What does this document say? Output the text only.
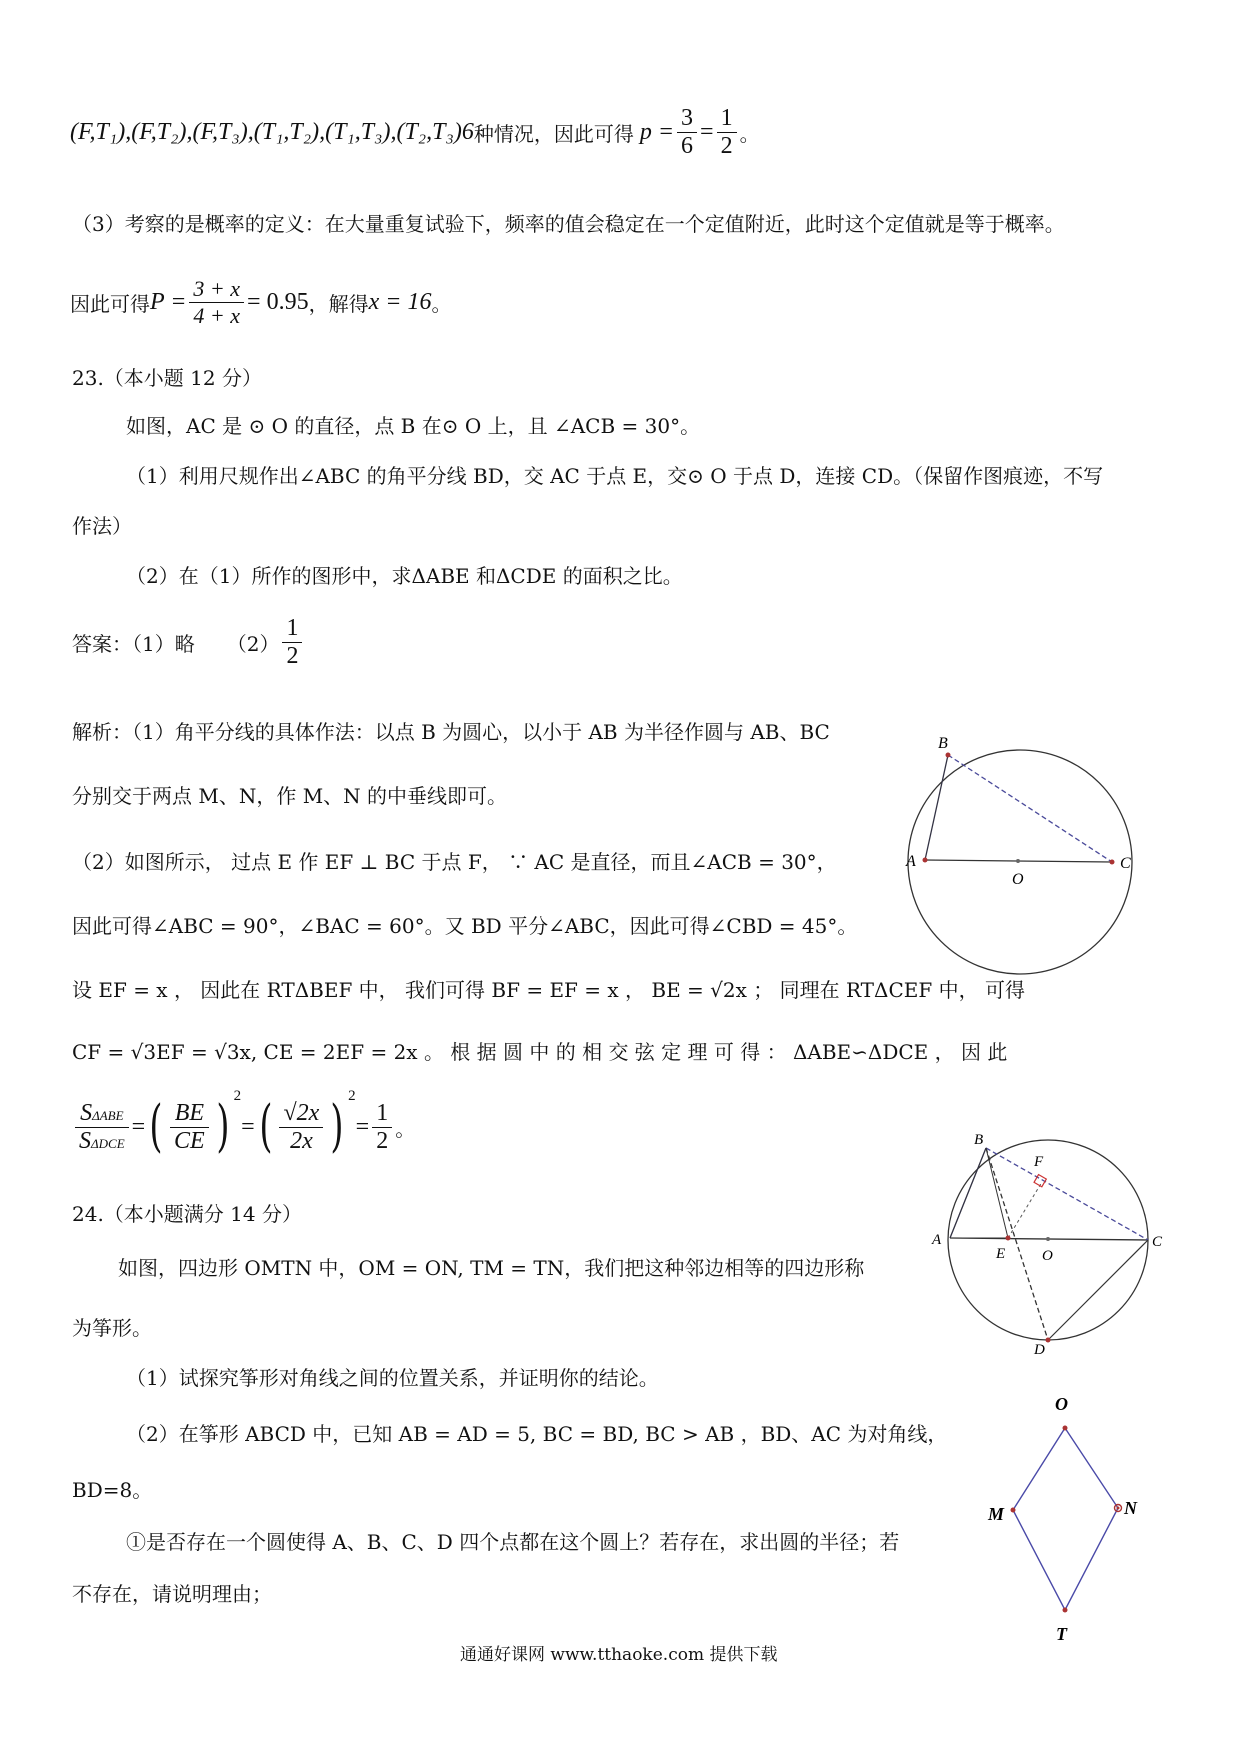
(F,T₁),(F,T₂),(F,T₃),(T₁,T₂),(T₁,T₃),(T₂,T₃)6 种情况，因此可得 $p = \frac{3}{6} = \frac{1}{2}$ 。
（3）考察的是概率的定义：在大量重复试验下，频率的值会稳定在一个定值附近，此时这个定值就是等于概率。
因此可得 $P = \frac{3 + x}{4 + x} = 0.95$ ，解得 x = 16 。
23.（本小题 12 分）
如图，AC 是 ⊙ O 的直径，点 B 在⊙ O 上，且 ∠ACB = 30°。
（1）利用尺规作出∠ABC 的角平分线 BD，交 AC 于点 E，交⊙ O 于点 D，连接 CD。（保留作图痕迹，不写
作法）
（2）在（1）所作的图形中，求ΔABE 和ΔCDE 的面积之比。
答案：（1）略 $(2) \frac{1}{2}$
解析：（1）角平分线的具体作法：以点 B 为圆心，以小于 AB 为半径作圆与 AB、BC
分别交于两点 M、N，作 M、N 的中垂线即可。
（2）如图所示， 过点 E 作 EF ⊥ BC 于点 F， ∵ AC 是直径，而且∠ACB = 30°，
因此可得∠ABC = 90°，∠BAC = 60°。又 BD 平分∠ABC，因此可得∠CBD = 45°。
设 EF = x ， 因此在 RTΔBEF 中， 我们可得 BF = EF = x ， BE = √2x ； 同理在 RTΔCEF 中， 可得
CF = √3EF = √3x, CE = 2EF = 2x 。 根 据 圆 中 的 相 交 弦 定 理 可 得 ： ΔABE∽ΔDCE ， 因 此
$\frac{\text{SΔABE}}{\text{SΔDCE}}$ = ( $\frac{BE}{CE}$ ) 2
= ( $\frac{√2x}{2x}$ ) 2
= $\frac{1}{2}$ 。
24.（本小题满分 14 分）
如图，四边形 OMTN 中，OM = ON, TM = TN，我们把这种邻边相等的四边形称
为筝形。
（1）试探究筝形对角线之间的位置关系，并证明你的结论。
（2）在筝形 ABCD 中，已知 AB = AD = 5, BC = BD, BC > AB ，BD、AC 为对角线，
BD=8。
①是否存在一个圆使得 A、B、C、D 四个点都在这个圆上？若存在，求出圆的半径；若
不存在，请说明理由；
B
A
O
C
B
F
A
E O
C
D
O
M	N
T
通通好课网 www.tthaoke.com 提供下载
